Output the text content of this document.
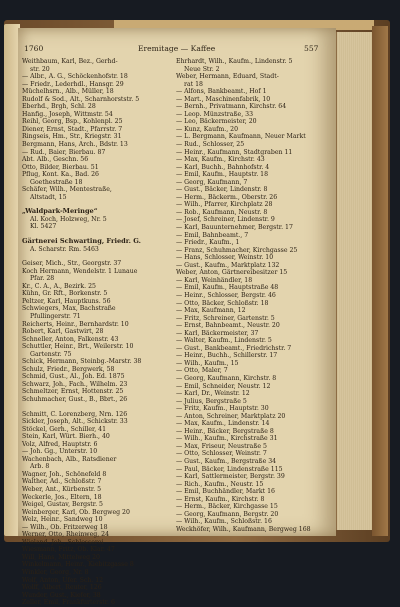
1760	Eremitage — Kaffee	557
Weithbaum, Karl, Bez., Gerhd-
str. 20
— Albr., A. G., Schöckenhofstr. 18
— Friedr., Lederhdl., Hansgr. 29
Müchelhsrn., Alb., Müller, 18
Rudolf & Sod., Alt., Scharnhorststr. 5
Eberhd., Brgh, Schl. 28
Hanfig., Joseph, Wittmstr. 54
Reihl, Georg, Bsp., Kohlenpl. 25
Diener, Ernst, Stadt., Pfarrstr. 7
Ringseis, Hm., Str., Kriegstr. 31
Bergmann, Hans, Arch., Bdstr. 13
— Rud., Baier, Bierbau. 87
Abt. Alb., Geschn. 56
Otto, Bilder, Bierbau. 51
Pflug, Kont. Ka., Bad. 26
Goethestraße 18
Schäfer, Wilh., Mentestraße,
Altstadt, 15
„Waldpark-Meringe“
Al. Koch, Holzweg, Nr. 5
Kl. 5427
Gärtnerei Schwarting, Friedr. G.
A. Scharstr. Rm. 5463
Geiser, Mich., Str., Georgstr. 37
Koch Hermann, Wendelstr. 1 Lunaue
Pfar. 28
Kr., C. A., A., Bezirk. 25
Kühn, Gr. Rft., Borkenstr. 5
Peltzer, Karl, Hauptkuns. 56
Schwiegers, Max, Bachstraße
Pfullingerstr. 71
Reicherts, Heinr., Bernhardstr. 10
Robert, Karl, Gastwirt, 28
Schneller, Anton, Falkenstr. 43
Schuttler, Heinr., Brt., Weilerstr. 10
Gartenstr. 75
Schick, Hermann, Steinbg.-Marstr. 38
Schulz, Friedr., Bergwerk, 58
Schmid, Gust., Al., Joh. Ed. 1875
Schwarz, Joh., Fach., Wilhelm. 23
Schmeltzer, Ernst, Hottenstr. 25
Schuhmacher, Gust., B., Bbrt., 26
Schmitt, C. Lorenzberg, Nrn. 126
Sickler, Joseph, Alt., Schickstr. 33
Stöckel, Gerh., Schiller, 41
Stein, Karl, Würt. Bierh., 40
Volz, Alfred, Hauptstr. 6
— Joh. Gg., Unterstr. 10
Wachenbach, Alb., Ratsdiener
Arb. 8
Wagner, Joh., Schönefeld 8
Walther, Ad., Schloßstr. 7
Weber, Ant., Kürbenstr. 5
Weckerle, Jos., Eltern, 18
Weigel, Gustav, Bergstr. 5
Weinberger, Karl, Ob. Bergweg 20
Welz, Heinr., Sandweg 10
— Wilh., Ob. Fritzerweg 18
Werner, Otto, Rheinweg, 24
Wieland, Joh., Schlosserei
Wiesmann, Fritz, Ob. Klar. 47
Will, Hans, Mittelweg 20
Winkelmann, Heinr., Kiebitzgasse 8
Winkler, Georg, Nr. 8
Wolf, Anton, Ufer. Sch. 12
Wolff, Albert, Reuter, 126
Wunder, Gust., Kiefer, 38
Zeller, Emil, Frankfurterstr. 6
Ehrhardt, Wilh., Kaufm., Lindenstr. 5
Neue Str. 2
Weber, Hermann, Eduard, Stadt-
rat 18
— Alfons, Bankbeamt., Hof 1
— Mart., Maschinenfabrik, 10
— Bernh., Privatmann, Kirchstr. 64
— Leop. Münzstraße, 33
— Leo, Bäckermeister, 20
— Kunz, Kaufm., 20
— L. Bergmann, Kaufmann, Neuer Markt
— Rud., Schlosser, 25
— Heinr., Kaufmann, Stadtgraben 11
— Max, Kaufm., Kirchstr. 43
— Karl, Buchh., Bahnhofstr. 4
— Emil, Kaufm., Hauptstr. 18
— Georg, Kaufmann, 7
— Gust., Bäcker, Lindenstr. 8
— Herm., Bäckerm., Oberstr. 26
— Wilh., Pfarrer, Kirchplatz 28
— Rob., Kaufmann, Neustr. 8
— Josef, Schreiner, Lindenstr. 9
— Karl, Bauunternehmer, Bergstr. 17
— Emil, Bahnbeamt., 7
— Friedr., Kaufm., 1
— Franz, Schuhmacher, Kirchgasse 25
— Hans, Schlosser, Weinstr. 10
— Gust., Kaufm., Marktplatz 132
Weber, Anton, Gärtnereibesitzer 15
— Karl, Weinhändler, 18
— Emil, Kaufm., Hauptstraße 48
— Heinr., Schlosser, Bergstr. 46
— Otto, Bäcker, Schloßstr. 18
— Max, Kaufmann, 12
— Fritz, Schreiner, Gartenstr. 5
— Ernst, Bahnbeamt., Neustr. 20
— Karl, Bäckermeister, 37
— Walter, Kaufm., Lindenstr. 5
— Gust., Bankbeamt., Friedrichstr. 7
— Heinr., Buchh., Schillerstr. 17
— Wilh., Kaufm., 15
— Otto, Maler, 7
— Georg, Kaufmann, Kirchstr. 8
— Emil, Schneider, Neustr. 12
— Karl, Dr., Weinstr. 12
— Julius, Bergstraße 5
— Fritz, Kaufm., Hauptstr. 30
— Anton, Schreiner, Marktplatz 20
— Max, Kaufm., Lindenstr. 14
— Heinr., Bäcker, Bergstraße 8
— Wilh., Kaufm., Kirchstraße 31
— Max, Friseur, Neustraße 5
— Otto, Schlosser, Weinstr. 7
— Gust., Kaufm., Bergstraße 34
— Paul, Bäcker, Lindenstraße 115
— Karl, Sattlermeister, Bergstr. 39
— Rich., Kaufm., Neustr. 15
— Emil, Buchhändler, Markt 16
— Ernst, Kaufm., Kirchstr. 8
— Herm., Bäcker, Kirchgasse 15
— Georg, Kaufmann, Bergstr. 20
— Wilh., Kaufm., Schloßstr. 16
Weckhöfer, Wilh., Kaufmann, Bergweg 168
